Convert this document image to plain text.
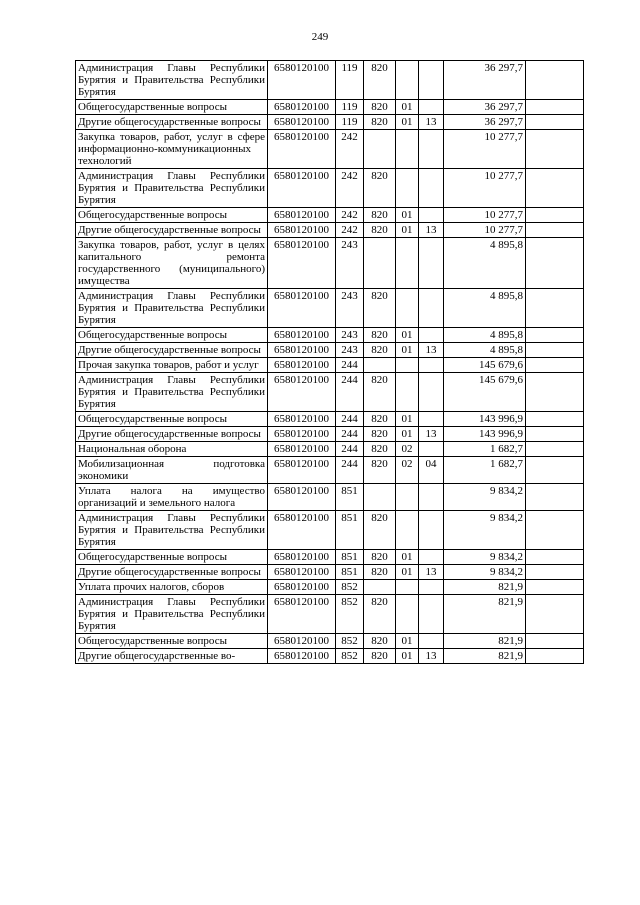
249
Администрация Главы Республики Бурятия и Правительства Республики Бурятия	6580120100	119	820			36 297,7	
Общегосударственные вопросы	6580120100	119	820	01		36 297,7	
Другие общегосударственные вопросы	6580120100	119	820	01	13	36 297,7	
Закупка товаров, работ, услуг в сфере информационно-коммуникационных технологий	6580120100	242				10 277,7	
Администрация Главы Республики Бурятия и Правительства Республики Бурятия	6580120100	242	820			10 277,7	
Общегосударственные вопросы	6580120100	242	820	01		10 277,7	
Другие общегосударственные вопросы	6580120100	242	820	01	13	10 277,7	
Закупка товаров, работ, услуг в целях капитального ремонта государственного (муниципального) имущества	6580120100	243				4 895,8	
Администрация Главы Республики Бурятия и Правительства Республики Бурятия	6580120100	243	820			4 895,8	
Общегосударственные вопросы	6580120100	243	820	01		4 895,8	
Другие общегосударственные вопросы	6580120100	243	820	01	13	4 895,8	
Прочая закупка товаров, работ и услуг	6580120100	244				145 679,6	
Администрация Главы Республики Бурятия и Правительства Республики Бурятия	6580120100	244	820			145 679,6	
Общегосударственные вопросы	6580120100	244	820	01		143 996,9	
Другие общегосударственные вопросы	6580120100	244	820	01	13	143 996,9	
Национальная оборона	6580120100	244	820	02		1 682,7	
Мобилизационная подготовка экономики	6580120100	244	820	02	04	1 682,7	
Уплата налога на имущество организаций и земельного налога	6580120100	851				9 834,2	
Администрация Главы Республики Бурятия и Правительства Республики Бурятия	6580120100	851	820			9 834,2	
Общегосударственные вопросы	6580120100	851	820	01		9 834,2	
Другие общегосударственные вопросы	6580120100	851	820	01	13	9 834,2	
Уплата прочих налогов, сборов	6580120100	852				821,9	
Администрация Главы Республики Бурятия и Правительства Республики Бурятия	6580120100	852	820			821,9	
Общегосударственные вопросы	6580120100	852	820	01		821,9	
Другие общегосударственные во-	6580120100	852	820	01	13	821,9	
